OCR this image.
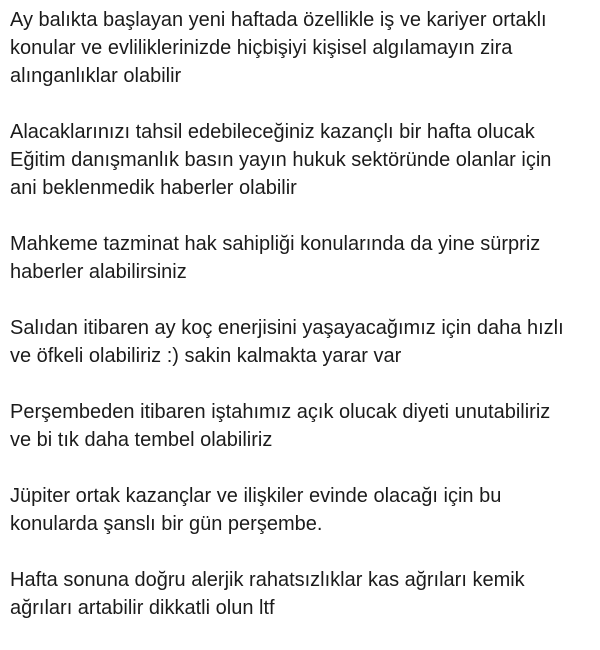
Ay balıkta başlayan yeni haftada özellikle iş ve kariyer ortaklı
konular ve evliliklerinizde hiçbişiyi kişisel algılamayın zira
alınganlıklar olabilir
Alacaklarınızı tahsil edebileceğiniz kazançlı bir hafta olucak
Eğitim danışmanlık basın yayın hukuk sektöründe olanlar için
ani beklenmedik haberler olabilir
Mahkeme tazminat hak sahipliği konularında da yine sürpriz
haberler alabilirsiniz
Salıdan itibaren ay koç enerjisini yaşayacağımız için daha hızlı
ve öfkeli olabiliriz :) sakin kalmakta yarar var
Perşembeden itibaren iştahımız açık olucak diyeti unutabiliriz
ve bi tık daha tembel olabiliriz
Jüpiter ortak kazançlar ve ilişkiler evinde olacağı için bu
konularda şanslı bir gün perşembe.
Hafta sonuna doğru alerjik rahatsızlıklar kas ağrıları kemik
ağrıları artabilir dikkatli olun ltf
